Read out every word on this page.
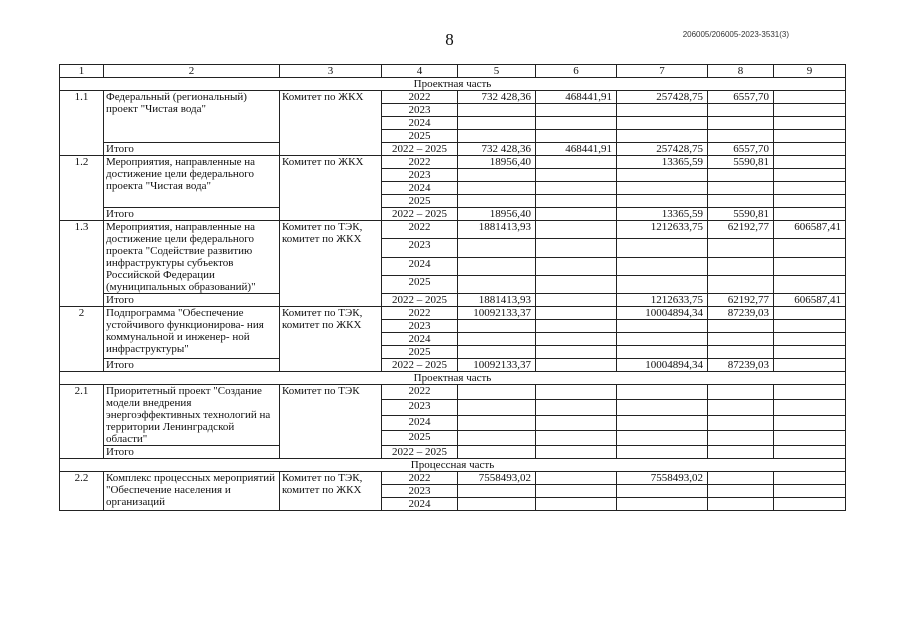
8	206005/206005-2023-3531(3)
1	2	3	4	5	6	7	8	9
Проектная часть								
1.1	Федеральный (региональный) проект "Чистая вода"	Комитет по ЖКХ	2022	732 428,36	468441,91	257428,75	6557,70	
			2023					
			2024					
			2025					
	Итого		2022 – 2025	732 428,36	468441,91	257428,75	6557,70	
1.2	Мероприятия, направленные на достижение цели федерального проекта "Чистая вода"	Комитет по ЖКХ	2022	18956,40		13365,59	5590,81	
			2023					
			2024					
			2025					
	Итого		2022 – 2025	18956,40		13365,59	5590,81	
1.3	Мероприятия, направленные на достижение цели федерального проекта "Содействие развитию инфраструктуры субъектов Российской Федерации (муниципальных образований)"	Комитет по ТЭК, комитет по ЖКХ	2022	1881413,93		1212633,75	62192,77	606587,41
			2023					
			2024					
			2025					
	Итого		2022 – 2025	1881413,93		1212633,75	62192,77	606587,41
2	Подпрограмма "Обеспечение устойчивого функционирова- ния коммунальной и инженер- ной инфраструктуры"	Комитет по ТЭК, комитет по ЖКХ	2022	10092133,37		10004894,34	87239,03	
			2023					
			2024					
			2025					
	Итого		2022 – 2025	10092133,37		10004894,34	87239,03	
Проектная часть								
2.1	Приоритетный проект "Создание модели внедрения энергоэффективных технологий на территории Ленинградской области"	Комитет по ТЭК	2022					
			2023					
			2024					
			2025					
	Итого		2022 – 2025					
Процессная часть								
2.2	Комплекс процессных мероприятий "Обеспечение населения и организаций	Комитет по ТЭК, комитет по ЖКХ	2022	7558493,02		7558493,02		
			2023					
			2024					
